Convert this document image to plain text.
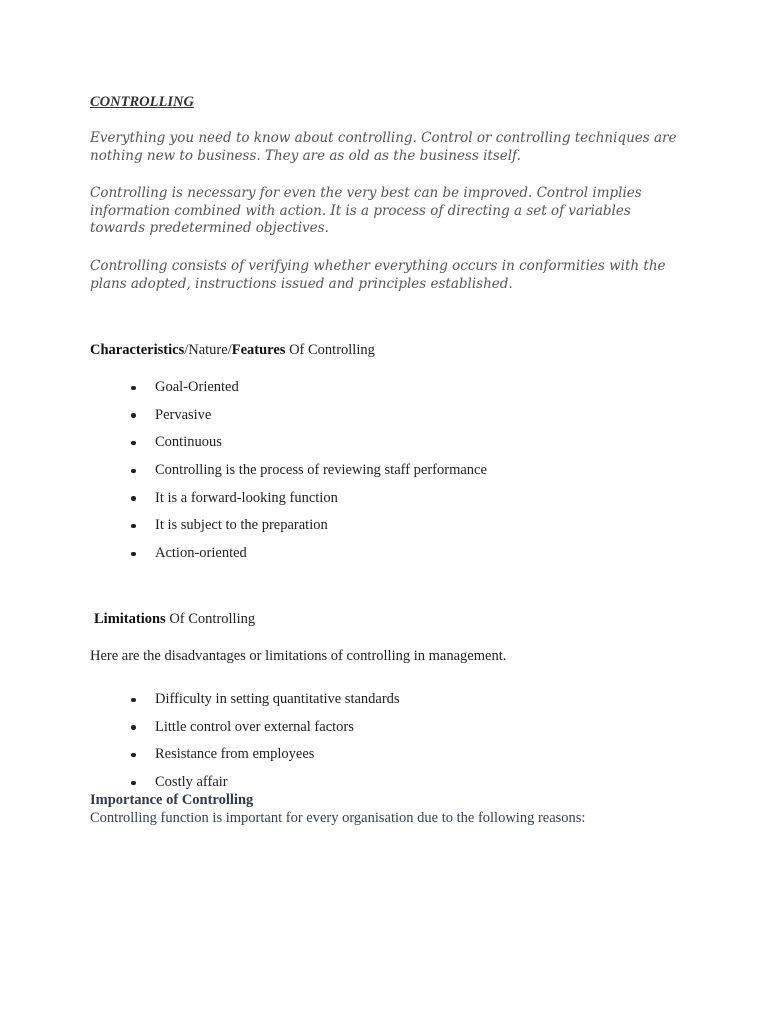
CONTROLLING

Everything you need to know about controlling. Control or controlling techniques are nothing new to business. They are as old as the business itself.

Controlling is necessary for even the very best can be improved. Control implies information combined with action. It is a process of directing a set of variables towards predetermined objectives.

Controlling consists of verifying whether everything occurs in conformities with the plans adopted, instructions issued and principles established.

Characteristics/Nature/Features Of Controlling
Goal-Oriented
Pervasive
Continuous
Controlling is the process of reviewing staff performance
It is a forward-looking function
It is subject to the preparation
Action-oriented
Limitations Of Controlling

Here are the disadvantages or limitations of controlling in management.

Difficulty in setting quantitative standards
Little control over external factors
Resistance from employees
Costly affair
Importance of Controlling

Controlling function is important for every organisation due to the following reasons:
